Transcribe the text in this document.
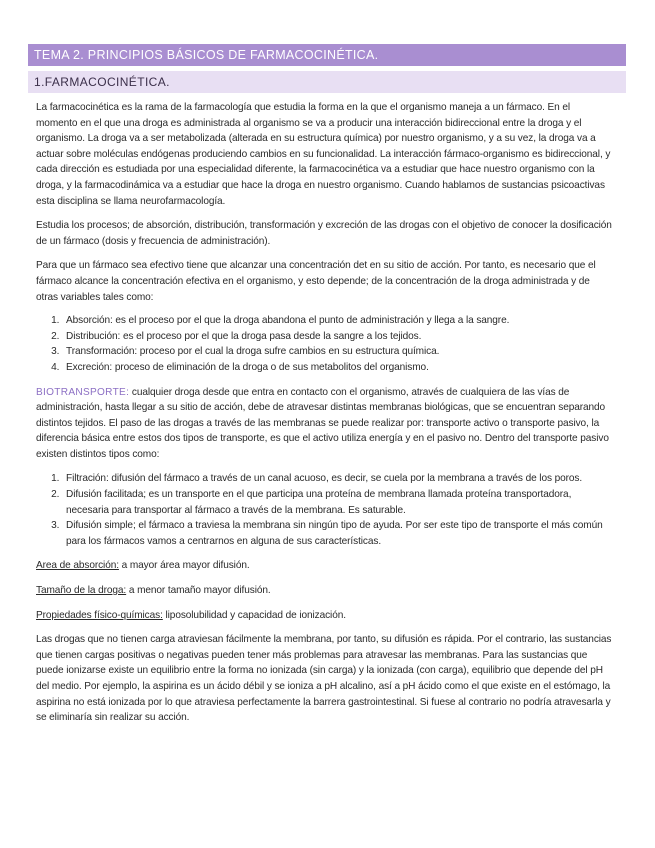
TEMA 2. PRINCIPIOS BÁSICOS DE FARMACOCINÉTICA.
1.FARMACOCINÉTICA.

La farmacocinética es la rama de la farmacología que estudia la forma en la que el organismo maneja a un fármaco. En el momento en el que una droga es administrada al organismo se va a producir una interacción bidireccional entre la droga y el organismo. La droga va a ser metabolizada (alterada en su estructura química) por nuestro organismo, y a su vez, la droga va a actuar sobre moléculas endógenas produciendo cambios en su funcionalidad. La interacción fármaco-organismo es bidireccional, y cada dirección es estudiada por una especialidad diferente, la farmacocinética va a estudiar que hace nuestro organismo con la droga, y la farmacodinámica va a estudiar que hace la droga en nuestro organismo. Cuando hablamos de sustancias psicoactivas esta disciplina se llama neurofarmacología.

Estudia los procesos; de absorción, distribución, transformación y excreción de las drogas con el objetivo de conocer la dosificación de un fármaco (dosis y frecuencia de administración).

Para que un fármaco sea efectivo tiene que alcanzar una concentración det en su sitio de acción. Por tanto, es necesario que el fármaco alcance la concentración efectiva en el organismo, y esto depende; de la concentración de la droga administrada y de otras variables tales como:

1. Absorción: es el proceso por el que la droga abandona el punto de administración y llega a la sangre.
2. Distribución: es el proceso por el que la droga pasa desde la sangre a los tejidos.
3. Transformación: proceso por el cual la droga sufre cambios en su estructura química.
4. Excreción: proceso de eliminación de la droga o de sus metabolitos del organismo.

BIOTRANSPORTE: cualquier droga desde que entra en contacto con el organismo, através de cualquiera de las vías de administración, hasta llegar a su sitio de acción, debe de atravesar distintas membranas biológicas, que se encuentran separando distintos tejidos. El paso de las drogas a través de las membranas se puede realizar por: transporte activo o transporte pasivo, la diferencia básica entre estos dos tipos de transporte, es que el activo utiliza energía y en el pasivo no. Dentro del transporte pasivo existen distintos tipos como:

1. Filtración: difusión del fármaco a través de un canal acuoso, es decir, se cuela por la membrana a través de los poros.
2. Difusión facilitada; es un transporte en el que participa una proteína de membrana llamada proteína transportadora, necesaria para transportar al fármaco a través de la membrana. Es saturable.
3. Difusión simple; el fármaco a traviesa la membrana sin ningún tipo de ayuda. Por ser este tipo de transporte el más común para los fármacos vamos a centrarnos en alguna de sus características.

Area de absorción: a mayor área mayor difusión.

Tamaño de la droga: a menor tamaño mayor difusión.

Propiedades físico-químicas: liposolubilidad y capacidad de ionización.

Las drogas que no tienen carga atraviesan fácilmente la membrana, por tanto, su difusión es rápida. Por el contrario, las sustancias que tienen cargas positivas o negativas pueden tener más problemas para atravesar las membranas. Para las sustancias que puede ionizarse existe un equilibrio entre la forma no ionizada (sin carga) y la ionizada (con carga), equilibrio que depende del pH del medio. Por ejemplo, la aspirina es un ácido débil y se ioniza a pH alcalino, así a pH ácido como el que existe en el estómago, la aspirina no está ionizada por lo que atraviesa perfectamente la barrera gastrointestinal. Si fuese al contrario no podría atravesarla y se eliminaría sin realizar su acción.
